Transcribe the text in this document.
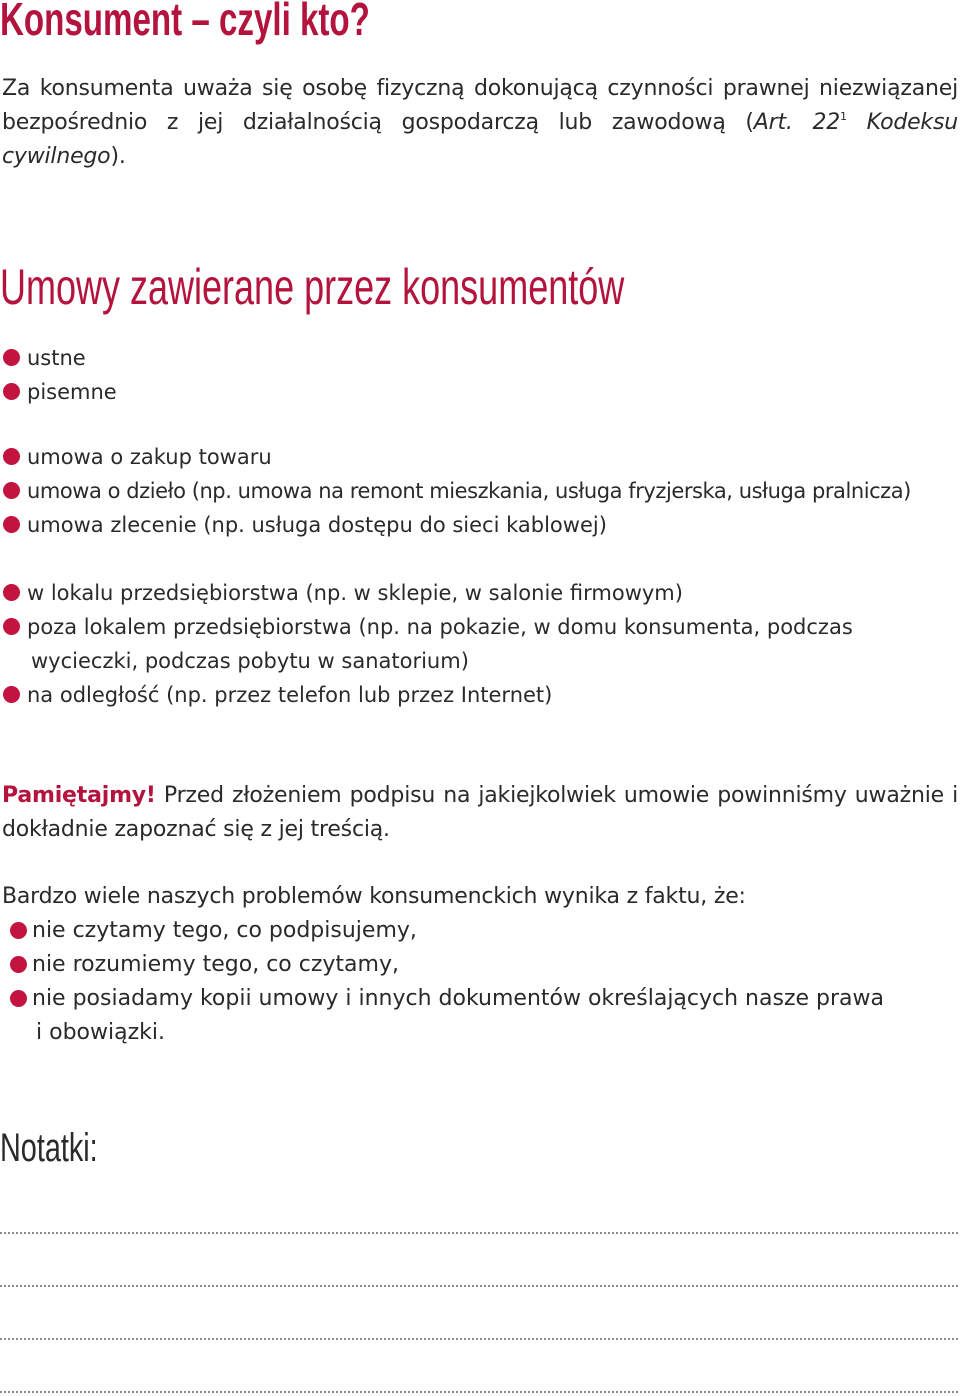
Konsument – czyli kto?

Za konsumenta uważa się osobę fizyczną dokonującą czynności prawnej niezwiązanej bezpośrednio z jej działalnością gospodarczą lub zawodową (Art. $22^1$ Kodeksu cywilnego).

Umowy zawierane przez konsumentów
ustne
pisemne
umowa o zakup towaru
umowa o dzieło (np. umowa na remont mieszkania, usługa fryzjerska, usługa pralnicza)
umowa zlecenie (np. usługa dostępu do sieci kablowej)
w lokalu przedsiębiorstwa (np. w sklepie, w salonie firmowym)
poza lokalem przedsiębiorstwa (np. na pokazie, w domu konsumenta, podczas
wycieczki, podczas pobytu w sanatorium)
na odległość (np. przez telefon lub przez Internet)

Pamiętajmy! Przed złożeniem podpisu na jakiejkolwiek umowie powinniśmy uważnie i dokładnie zapoznać się z jej treścią.

Bardzo wiele naszych problemów konsumenckich wynika z faktu, że:

nie czytamy tego, co podpisujemy,
nie rozumiemy tego, co czytamy,
nie posiadamy kopii umowy i innych dokumentów określających nasze prawa
i obowiązki.
Notatki:
